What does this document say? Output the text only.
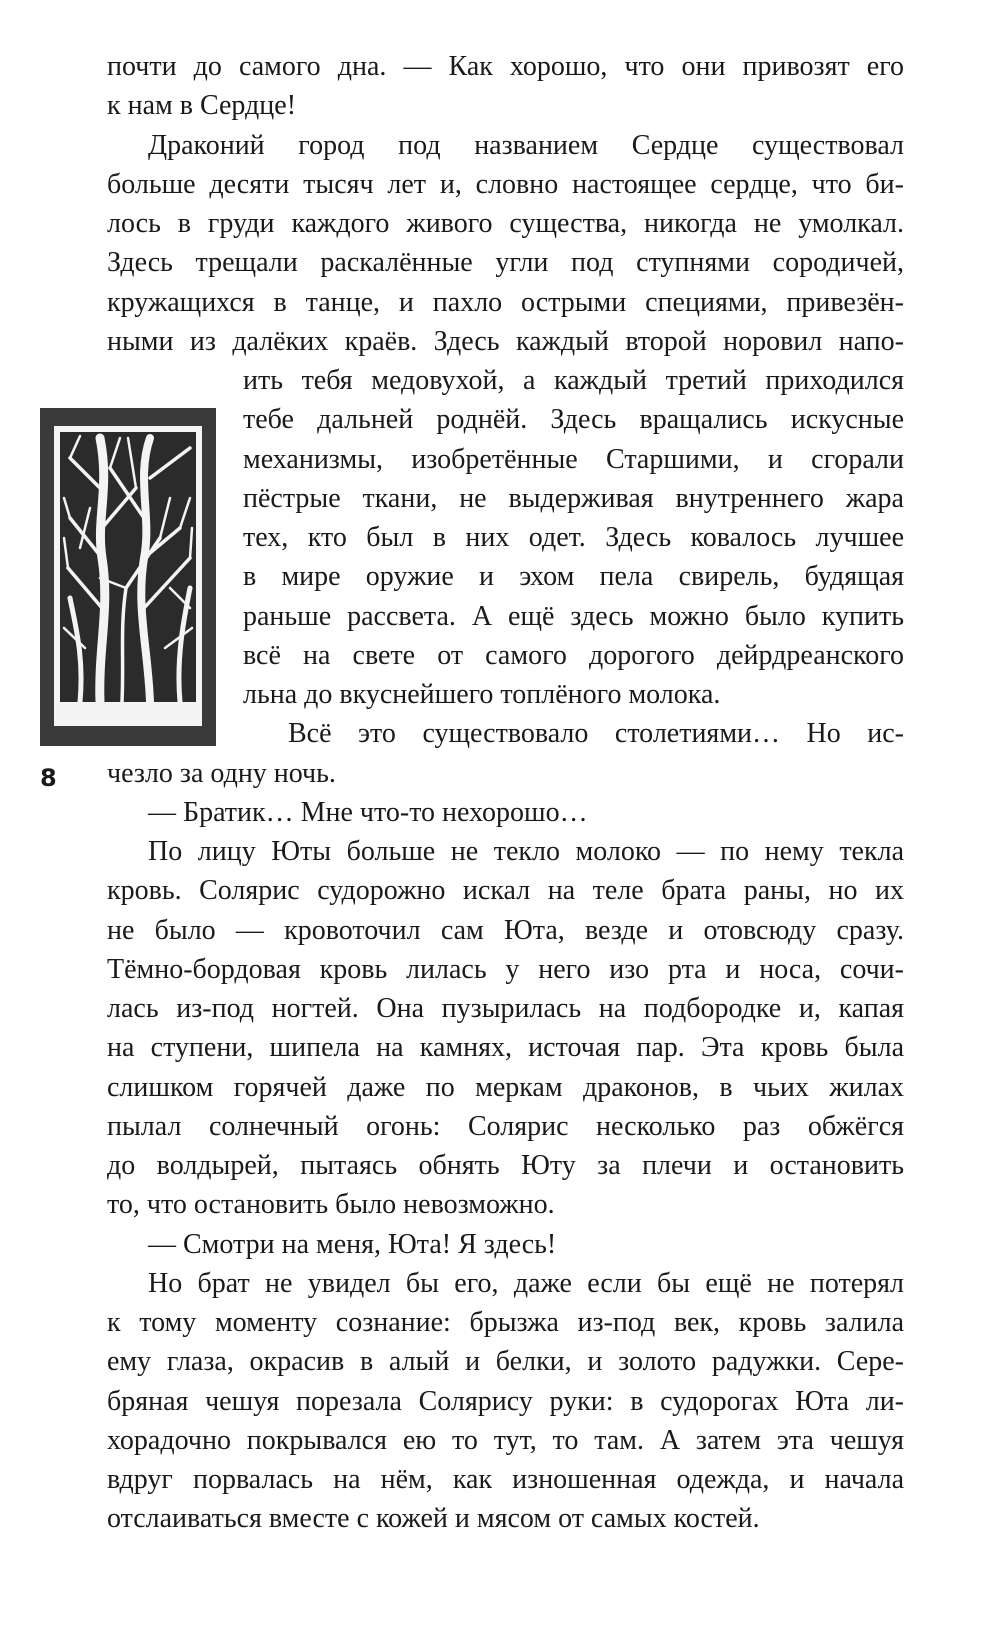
почти до самого дна. — Как хорошо, что они привозят его
к нам в Сердце!
Драконий город под названием Сердце существовал
больше десяти тысяч лет и, словно настоящее сердце, что би-
лось в груди каждого живого существа, никогда не умолкал.
Здесь трещали раскалённые угли под ступнями сородичей,
кружащихся в танце, и пахло острыми специями, привезён-
ными из далёких краёв. Здесь каждый второй норовил напо-
ить тебя медовухой, а каждый третий приходился
тебе дальней роднёй. Здесь вращались искусные
механизмы, изобретённые Старшими, и сгорали
пёстрые ткани, не выдерживая внутреннего жара
тех, кто был в них одет. Здесь ковалось лучшее
в мире оружие и эхом пела свирель, будящая
раньше рассвета. А ещё здесь можно было купить
всё на свете от самого дорогого дейрдреанского
льна до вкуснейшего топлёного молока.
Всё это существовало столетиями… Но ис-
чезло за одну ночь.
— Братик… Мне что-то нехорошо…
По лицу Юты больше не текло молоко — по нему текла
кровь. Солярис судорожно искал на теле брата раны, но их
не было — кровоточил сам Юта, везде и отовсюду сразу.
Тёмно-бордовая кровь лилась у него изо рта и носа, сочи-
лась из-под ногтей. Она пузырилась на подбородке и, капая
на ступени, шипела на камнях, источая пар. Эта кровь была
слишком горячей даже по меркам драконов, в чьих жилах
пылал солнечный огонь: Солярис несколько раз обжёгся
до волдырей, пытаясь обнять Юту за плечи и остановить
то, что остановить было невозможно.
— Смотри на меня, Юта! Я здесь!
Но брат не увидел бы его, даже если бы ещё не потерял
к тому моменту сознание: брызжа из-под век, кровь залила
ему глаза, окрасив в алый и белки, и золото радужки. Сере-
бряная чешуя порезала Солярису руки: в судорогах Юта ли-
хорадочно покрывался ею то тут, то там. А затем эта чешуя
вдруг порвалась на нём, как изношенная одежда, и начала
отслаиваться вместе с кожей и мясом от самых костей.
8
